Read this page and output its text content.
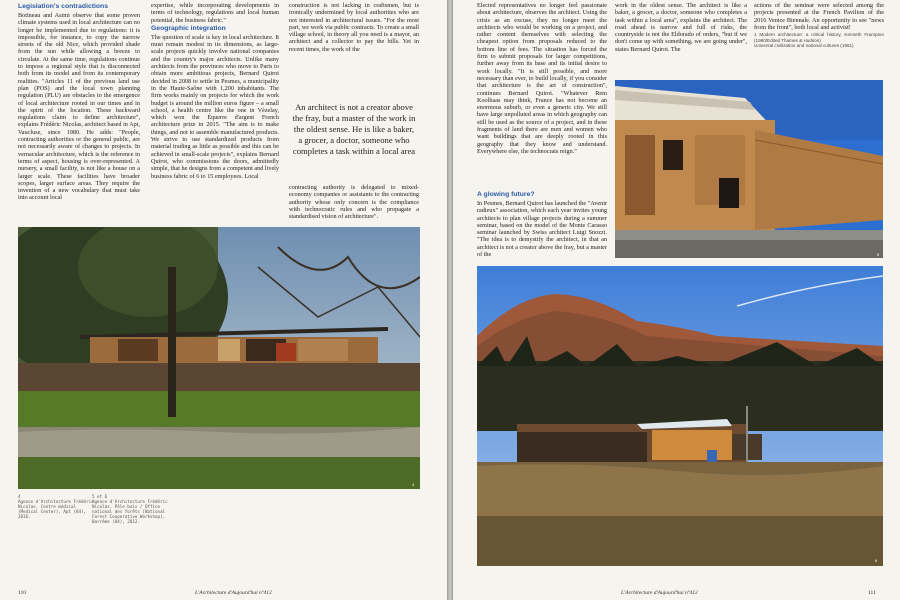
Legislation's contradictions

Botineau and Asimi observe that some proven climate systems used in local architecture can no longer be implemented due to regulations: it is impossible, for instance, to copy the narrow streets of the old Nice, which provided shade from the sun while allowing a breeze to circulate. At the same time, regulations continue to impose a regional style that is disconnected both from its model and from its contemporary realities. "Articles 11 of the previous land use plan (POS) and the local town planning regulation (PLU) are obstacles to the emergence of local architecture rooted in our times and in the spirit of the location. These backward regulations claim to define architecture", explains Frédéric Nicolas, architect based in Apt, Vaucluse, since 1980. He adds: "People, contracting authorities or the general public, are not necessarily aware of changes to projects. In vernacular architecture, which is the reference in terms of aspect, housing is over-represented. A nursery, a small facility, is not like a house on a larger scale. These facilities have broader scopes, larger surface areas. They require the invention of a new vocabulary that must take into account local

expertise, while incorporating developments in terms of technology, regulations and local human potential, the business fabric."

Geographic integration

The question of scale is key in local architecture. It must remain modest in its dimensions, as large-scale projects quickly involve national companies and the country's major architects. Unlike many architects from the provinces who move to Paris to obtain more ambitious projects, Bernard Quirot decided in 2008 to settle in Pesmes, a municipality in the Haute-Saône with 1,200 inhabitants. The firm works mainly on projects for which the work budget is around the million euros figure – a small school, a health centre like the one in Vézelay, which won the Équerre d'argent French architecture prize in 2015. "The aim is to make things, and not to assemble manufactured products. We strive to use standardized products from material trading as little as possible and this can be achieved in small-scale projects", explains Bernard Quirot, who commissions the doors, admittedly simple, that he designs from a competent and lively business fabric of 6 to 15 employees. Local

construction is not lacking in craftsmen, but is ironically undermined by local authorities who are not interested in architectural issues. "For the most part, we work via public contracts. To create a small village school, in theory all you need is a mayor, an architect and a collector to pay the bills. Yet in recent times, the work of the

An architect is not a creator above the fray, but a master of the work in the oldest sense. He is like a baker, a grocer, a doctor, someone who completes a task within a local area

contracting authority is delegated to mixed-economy companies or assistants to the contracting authority whose only concern is the compliance with technocratic rules and who propagate a standardised vision of architecture".

4
4
Agence d'Architecture Frédéric Nicolas. Centre médical (Medical Center), Apt (84), 2016.
5 et 6
Agence d'Architecture Frédéric Nicolas. Pôle bois / Office national des forêts (National Forest Cooperative Workshop), Barrême (04), 2012.
110	L'Architecture d'Aujourd'hui nº412

Elected representatives no longer feel passionate about architecture, observes the architect. Using the crisis as an excuse, they no longer meet the architects who would be working on a project, and rather content themselves with selecting the cheapest option from proposals reduced to the bottom line of fees. The situation has forced the firm to submit proposals for larger competitions, further away from its base and its initial desire to work locally. "It is still possible, and more necessary than ever, to build locally, if you consider that architecture is the art of construction", continues Bernard Quirot. "Whatever Rem Koolhaas may think, France has not become an enormous suburb, or even a generic city. We still have large unpolluted areas in which geography can still be used as the source of a project, and in these fragments of land there are men and women who want buildings that are deeply rooted in this geography that they know and understand. Everywhere else, the technocrats reign."

A glowing future?

In Pesmes, Bernard Quirot has launched the "Avenir radieux" association, which each year invites young architects to plan village projects during a summer seminar, based on the model of the Monte Carasso seminar launched by Swiss architect Luigi Snozzi. "The idea is to demystify the architect, in that an architect is not a creator above the fray, but a master of the

work in the oldest sense. The architect is like a baker, a grocer, a doctor, someone who completes a task within a local area", explains the architect. The road ahead is narrow and full of risks, the countryside is not the Eldorado of orders, "but if we don't come up with something, we are going under", states Bernard Quirot. The

actions of the seminar were selected among the projects presented at the French Pavilion of the 2016 Venice Biennale. An opportunity to see "news from the front", both local and activist!

1 Modern architecture: a critical history, Kenneth Frampton (1980/Edited Thames & Hudson)
Universal civilization and national cultures (1961)

6
5
L'Architecture d'Aujourd'hui nº412	111
